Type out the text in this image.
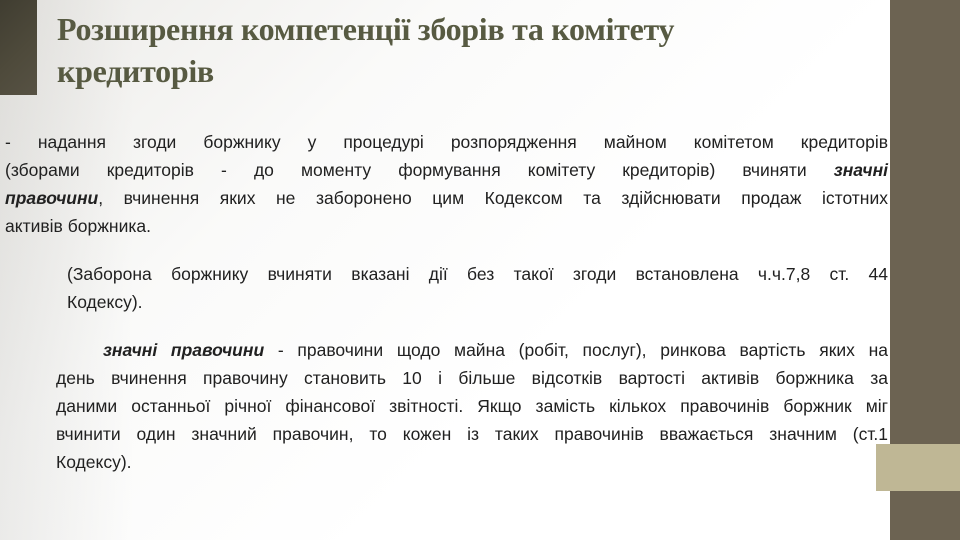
Розширення компетенції зборів та комітету
кредиторів
- надання згоди боржнику у процедурі розпорядження майном комітетом кредиторів
(зборами кредиторів - до моменту формування комітету кредиторів) вчиняти значні
правочини, вчинення яких не заборонено цим Кодексом та здійснювати продаж істотних
активів боржника.
(Заборона боржнику вчиняти вказані дії без такої згоди встановлена ч.ч.7,8 ст. 44
Кодексу).
значні правочини - правочини щодо майна (робіт, послуг), ринкова вартість яких на
день вчинення правочину становить 10 і більше відсотків вартості активів боржника за
даними останньої річної фінансової звітності. Якщо замість кількох правочинів боржник міг
вчинити один значний правочин, то кожен із таких правочинів вважається значним (ст.1
Кодексу).
